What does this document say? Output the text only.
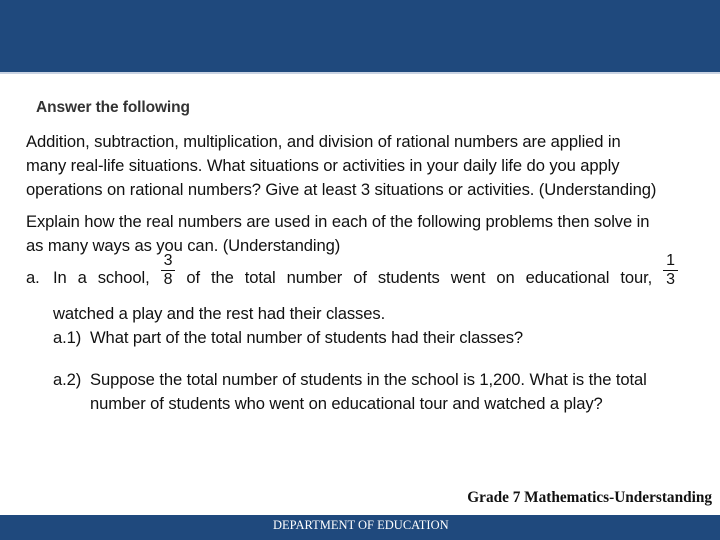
Answer the following
Addition, subtraction, multiplication, and division of rational numbers are applied in
many real-life situations. What situations or activities in your daily life do you apply
operations on rational numbers? Give at least 3 situations or activities. (Understanding)
Explain how the real numbers are used in each of the following problems then solve in
as many ways as you can. (Understanding)
a. In a school, $\frac{3}{8}$ of the total number of students went on educational tour, $\frac{1}{3}$
watched a play and the rest had their classes.
a.1) What part of the total number of students had their classes?
a.2) Suppose the total number of students in the school is 1,200. What is the total
number of students who went on educational tour and watched a play?
Grade 7 Mathematics-Understanding
DEPARTMENT OF EDUCATION
